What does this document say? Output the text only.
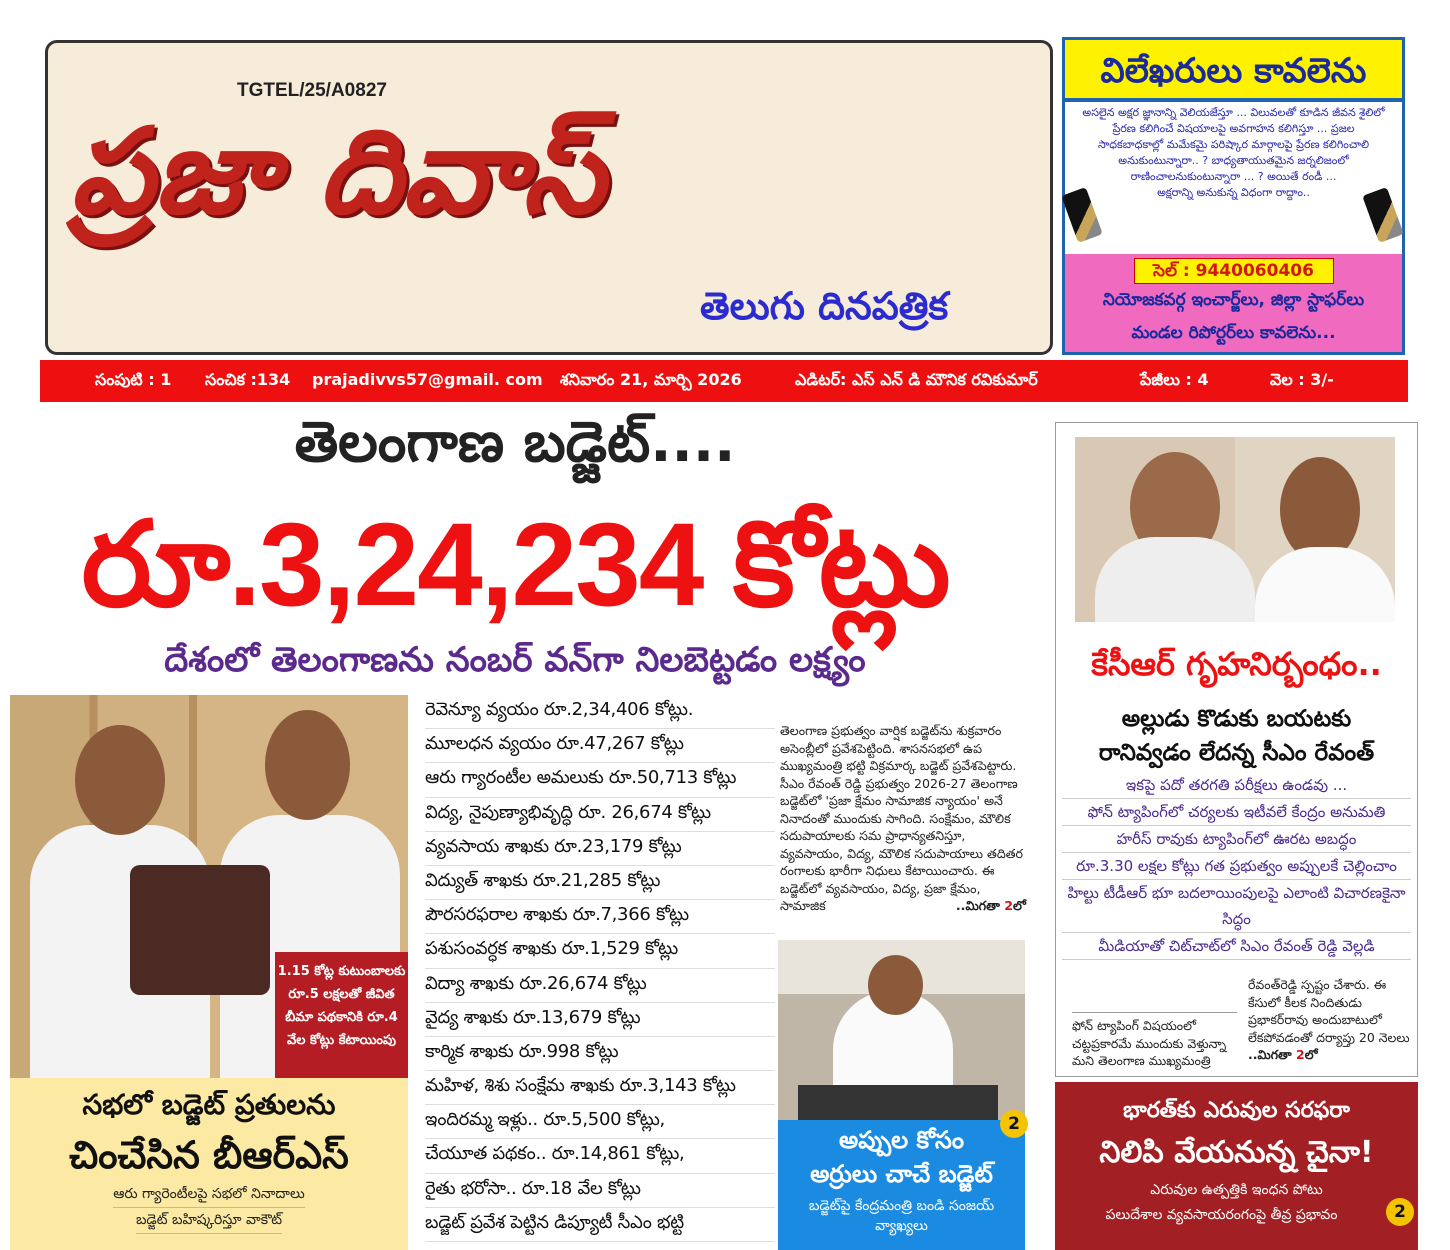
TGTEL/25/A0827
ప్రజా దివాస్
తెలుగు దినపత్రిక
విలేఖరులు కావలెను
అసలైన అక్షర జ్ఞానాన్ని వెలియజేస్తూ ... విలువలతో కూడిన జీవన శైలిలో
ప్రేరణ కలిగించే విషయాలపై అవగాహన కలిగిస్తూ ... ప్రజల
సాధకబాధకాల్లో మమేకమై పరిష్కార మార్గాలపై ప్రేరణ కలిగించాలి
అనుకుంటున్నారా.. ? బాధ్యతాయుతమైన జర్నలిజంలో
రాణించాలనుకుంటున్నారా ... ? అయితే రండీ ...
అక్షరాన్ని అనుకున్న విధంగా రాద్దాం..
సెల్ : 9440060406

నియోజకవర్గ ఇంచార్జ్‌లు, జిల్లా స్టాఫర్‌లు

మండల రిపోర్టర్‌లు కావలెను...

సంపుటి : 1 సంచిక :134 prajadivvs57@gmail. com శనివారం 21, మార్చి 2026	ఎడిటర్: ఎస్ ఎన్ డి మౌనిక రవికుమార్	పేజీలు : 4	వెల : 3/-
తెలంగాణ బడ్జెట్....
రూ.3,24,234 కోట్లు
దేశంలో తెలంగాణను నంబర్ వన్‌గా నిలబెట్టడం లక్ష్యం
1.15 కోట్ల కుటుంబాలకు రూ.5 లక్షలతో జీవిత బీమా పథకానికి రూ.4 వేల కోట్లు కేటాయింపు
సభలో బడ్జెట్ ప్రతులను
చించేసిన బీఆర్ఎస్
ఆరు గ్యారెంటీలపై సభలో నినాదాలు
బడ్జెట్ బహిష్కరిస్తూ వాకౌట్
రెవెన్యూ వ్యయం రూ.2,34,406 కోట్లు.
మూలధన వ్యయం రూ.47,267 కోట్లు
ఆరు గ్యారంటీల అమలుకు రూ.50,713 కోట్లు
విద్య, నైపుణ్యాభివృద్ధి రూ. 26,674 కోట్లు
వ్యవసాయ శాఖకు రూ.23,179 కోట్లు
విద్యుత్ శాఖకు రూ.21,285 కోట్లు
పౌరసరఫరాల శాఖకు రూ.7,366 కోట్లు
పశుసంవర్ధక శాఖకు రూ.1,529 కోట్లు
విద్యా శాఖకు రూ.26,674 కోట్లు
వైద్య శాఖకు రూ.13,679 కోట్లు
కార్మిక శాఖకు రూ.998 కోట్లు
మహిళ, శిశు సంక్షేమ శాఖకు రూ.3,143 కోట్లు
ఇందిరమ్మ ఇళ్లు.. రూ.5,500 కోట్లు,
చేయూత పథకం.. రూ.14,861 కోట్లు,
రైతు భరోసా.. రూ.18 వేల కోట్లు
బడ్జెట్ ప్రవేశ పెట్టిన డిప్యూటీ సీఎం భట్టి
తెలంగాణ ప్రభుత్వం వార్షిక బడ్జెట్‌ను శుక్రవారం అసెంబ్లీలో ప్రవేశపెట్టింది. శాసనసభలో ఉప ముఖ్యమంత్రి భట్టి విక్రమార్క బడ్జెట్ ప్రవేశపెట్టారు. సీఎం రేవంత్ రెడ్డి ప్రభుత్వం 2026-27 తెలంగాణ బడ్జెట్‌లో 'ప్రజా క్షేమం సామాజిక న్యాయం' అనే నినాదంతో ముందుకు సాగింది. సంక్షేమం, మౌలిక సదుపాయాలకు సమ ప్రాధాన్యతనిస్తూ, వ్యవసాయం, విద్య, మౌలిక సదుపాయాలు తదితర రంగాలకు భారీగా నిధులు కేటాయించారు. ఈ బడ్జెట్‌లో వ్యవసాయం, విద్య, ప్రజా క్షేమం, సామాజిక	..మిగతా 2లో
అప్పుల కోసం
అర్రులు చాచే బడ్జెట్
బడ్జెట్‌పై కేంద్రమంత్రి బండి సంజయ్ వ్యాఖ్యలు
2
కేసీఆర్ గృహనిర్బంధం..
అల్లుడు కొడుకు బయటకు
రానివ్వడం లేదన్న సీఎం రేవంత్
ఇకపై పదో తరగతి పరీక్షలు ఉండవు ...
ఫోన్ ట్యాపింగ్‌లో చర్యలకు ఇటీవలే కేంద్రం అనుమతి
హరీస్ రావుకు ట్యాపింగ్‌లో ఊరట అబద్ధం
రూ.3.30 లక్షల కోట్లు గత ప్రభుత్వం అప్పులకే చెల్లించాం
హిల్టు టీడీఆర్ భూ బదలాయింపులపై ఎలాంటి విచారణకైనా సిద్ధం
మీడియాతో చిట్‌చాట్‌లో సిఎం రేవంత్ రెడ్డి వెల్లడి
ఫోన్ ట్యాపింగ్ విషయంలో చట్టప్రకారమే ముందుకు వెళ్తున్నా మని తెలంగాణ ముఖ్యమంత్రి
రేవంత్‌రెడ్డి స్పష్టం చేశారు. ఈ కేసులో కీలక నిందితుడు ప్రభాకర్‌రావు అందుబాటులో లేకపోవడంతో దర్యాప్తు 20 నెలలు ..మిగతా 2లో
భారత్‌కు ఎరువుల సరఫరా
నిలిపి వేయనున్న చైనా!
ఎరువుల ఉత్పత్తికి ఇంధన పోటు
పలుదేశాల వ్యవసాయరంగంపై తీవ్ర ప్రభావం	2
